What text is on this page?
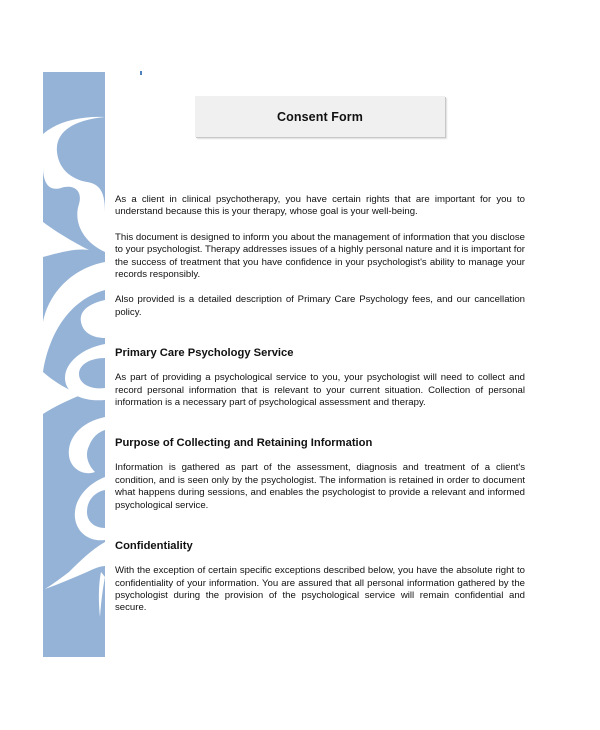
Consent Form

As a client in clinical psychotherapy, you have certain rights that are important for you to understand because this is your therapy, whose goal is your well-being.

This document is designed to inform you about the management of information that you disclose to your psychologist. Therapy addresses issues of a highly personal nature and it is important for the success of treatment that you have confidence in your psychologist's ability to manage your records responsibly.

Also provided is a detailed description of Primary Care Psychology fees, and our cancellation policy.

Primary Care Psychology Service

As part of providing a psychological service to you, your psychologist will need to collect and record personal information that is relevant to your current situation. Collection of personal information is a necessary part of psychological assessment and therapy.

Purpose of Collecting and Retaining Information

Information is gathered as part of the assessment, diagnosis and treatment of a client's condition, and is seen only by the psychologist. The information is retained in order to document what happens during sessions, and enables the psychologist to provide a relevant and informed psychological service.

Confidentiality

With the exception of certain specific exceptions described below, you have the absolute right to confidentiality of your information. You are assured that all personal information gathered by the psychologist during the provision of the psychological service will remain confidential and secure.
